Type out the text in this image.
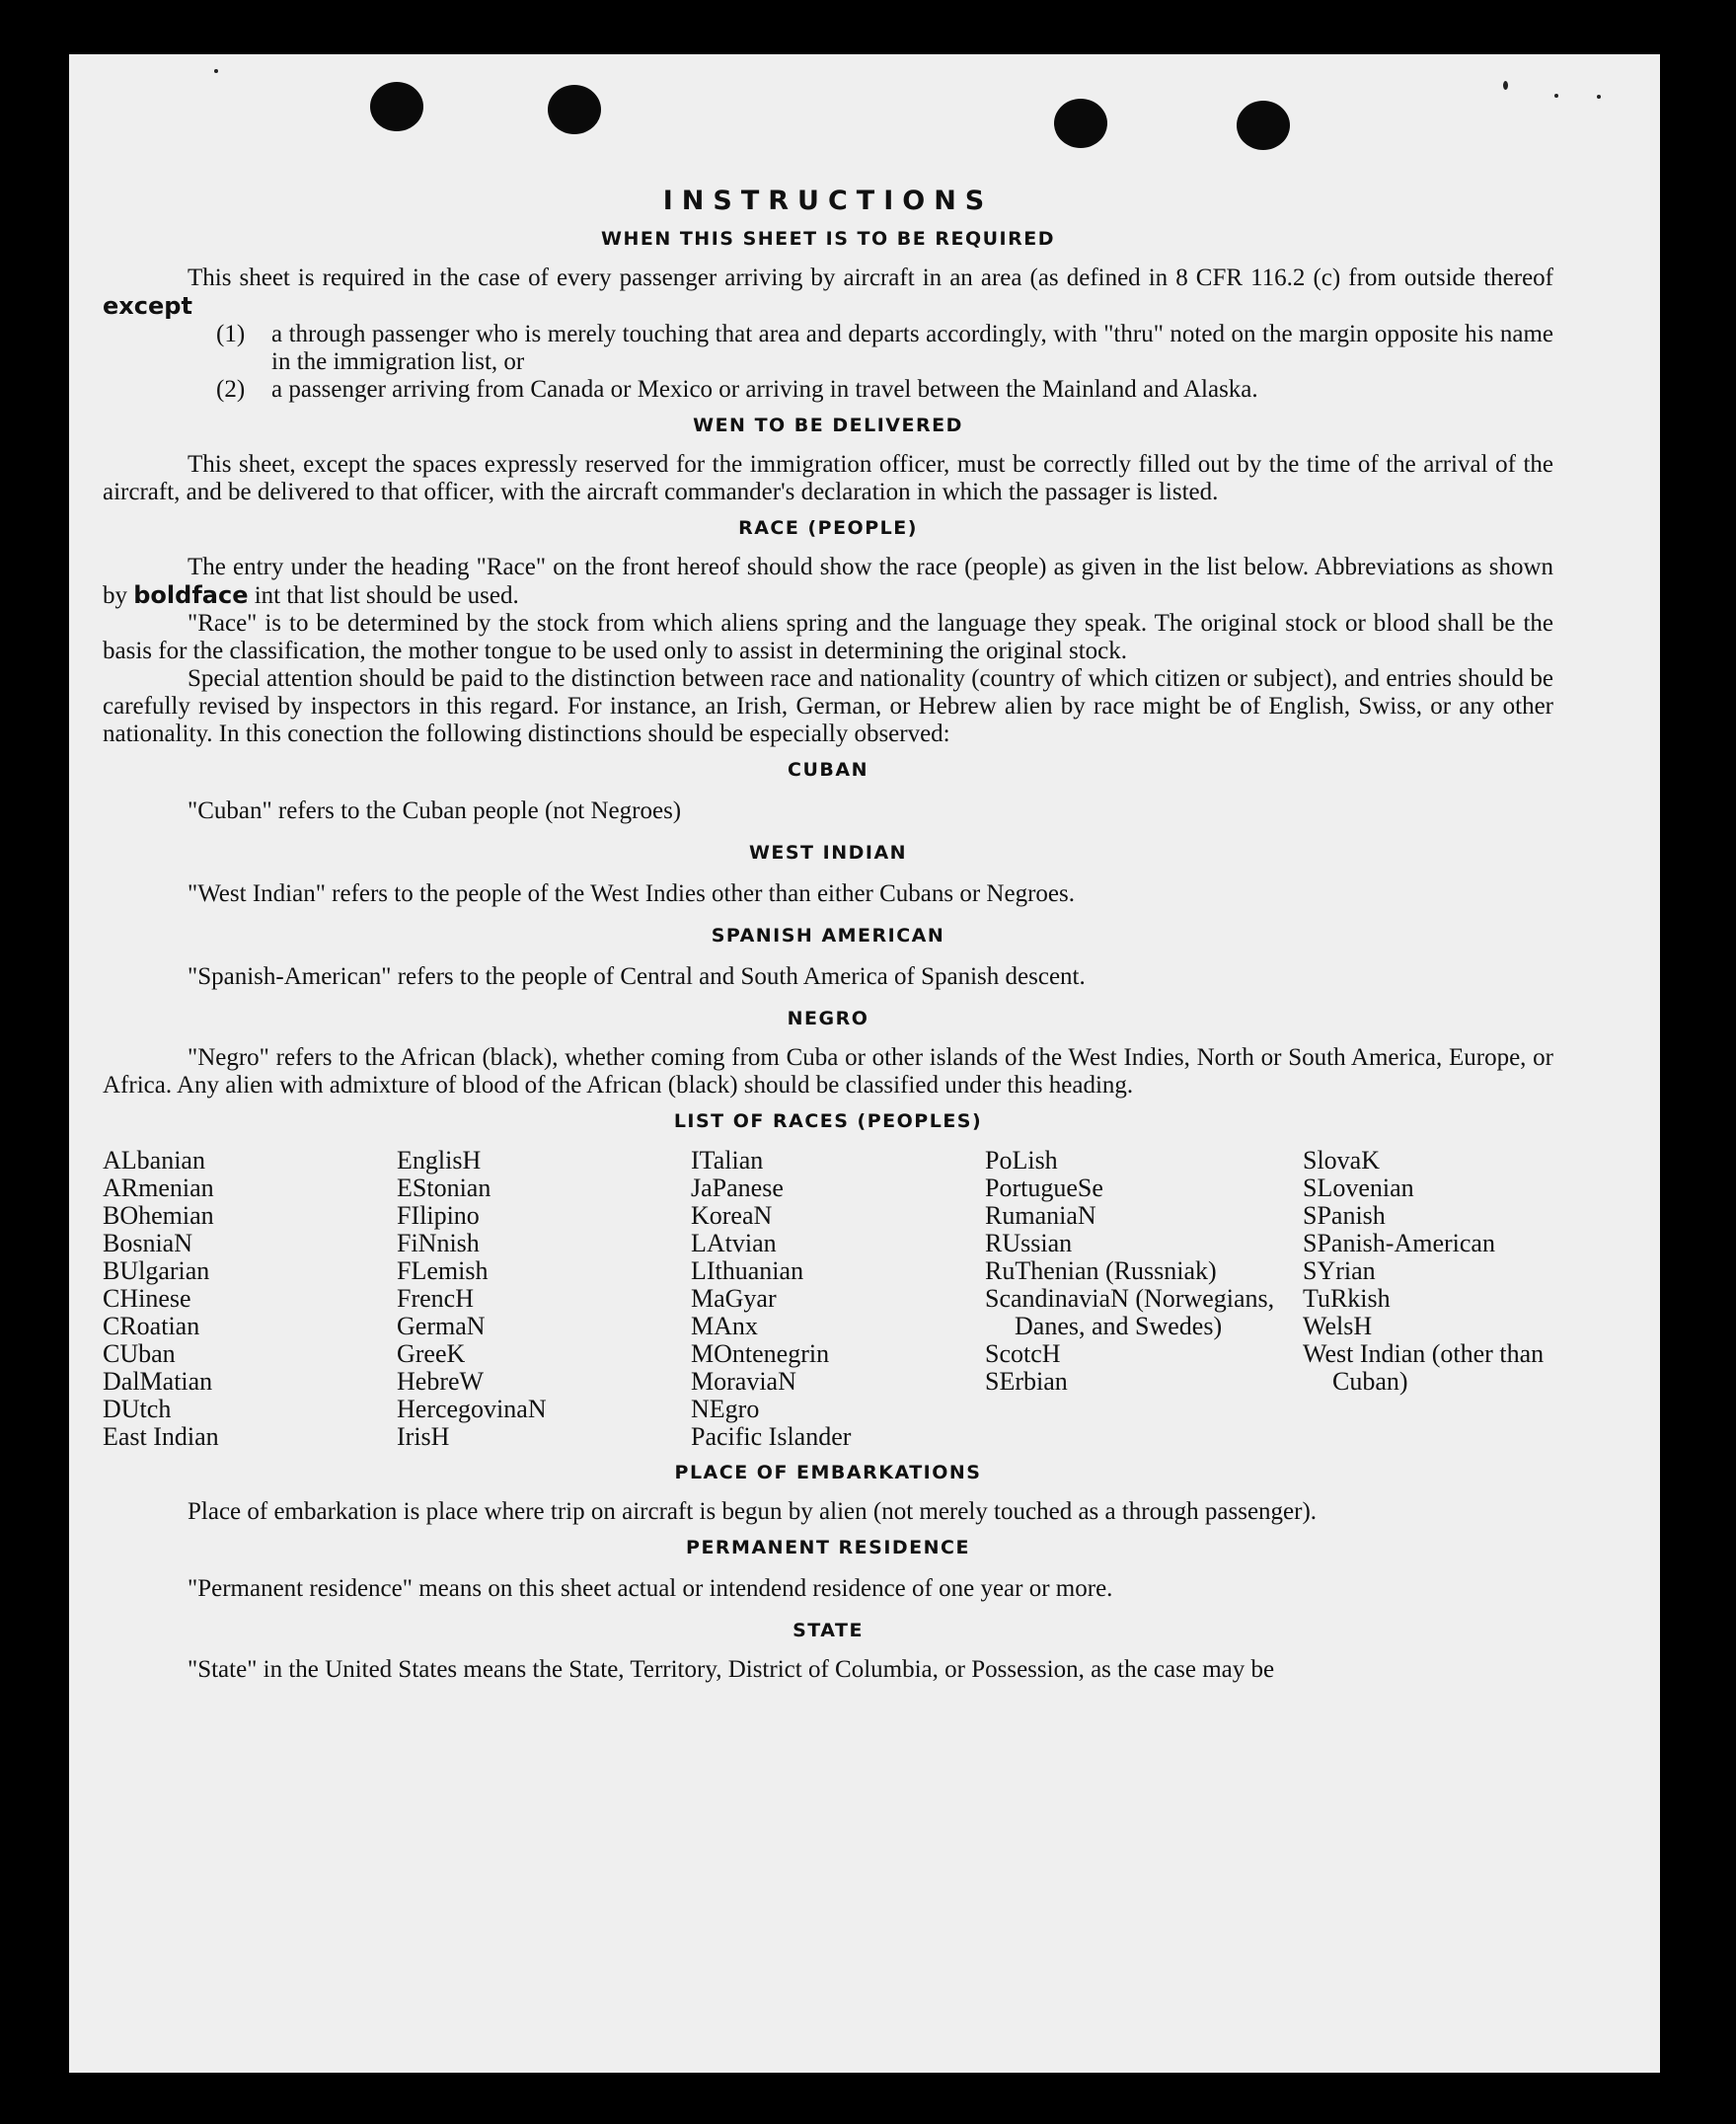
INSTRUCTIONS
WHEN THIS SHEET IS TO BE REQUIRED

This sheet is required in the case of every passenger arriving by aircraft in an area (as defined in 8 CFR 116.2 (c) from outside thereof except

(1)	a through passenger who is merely touching that area and departs accordingly, with "thru" noted on the margin opposite his name in the immigration list, or
(2)	a passenger arriving from Canada or Mexico or arriving in travel between the Mainland and Alaska.
WEN TO BE DELIVERED

This sheet, except the spaces expressly reserved for the immigration officer, must be correctly filled out by the time of the arrival of the aircraft, and be delivered to that officer, with the aircraft commander's declaration in which the passager is listed.

RACE (PEOPLE)

The entry under the heading "Race" on the front hereof should show the race (people) as given in the list below. Abbreviations as shown by boldface int that list should be used.

"Race" is to be determined by the stock from which aliens spring and the language they speak. The original stock or blood shall be the basis for the classification, the mother tongue to be used only to assist in determining the original stock.

Special attention should be paid to the distinction between race and nationality (country of which citizen or subject), and entries should be carefully revised by inspectors in this regard. For instance, an Irish, German, or Hebrew alien by race might be of English, Swiss, or any other nationality. In this conection the following distinctions should be especially observed:

CUBAN

"Cuban" refers to the Cuban people (not Negroes)

WEST INDIAN

"West Indian" refers to the people of the West Indies other than either Cubans or Negroes.

SPANISH AMERICAN

"Spanish-American" refers to the people of Central and South America of Spanish descent.

NEGRO

"Negro" refers to the African (black), whether coming from Cuba or other islands of the West Indies, North or South America, Europe, or Africa. Any alien with admixture of blood of the African (black) should be classified under this heading.

LIST OF RACES (PEOPLES)
ALbanian
ARmenian
BOhemian
BosniaN
BUlgarian
CHinese
CRoatian
CUban
DalMatian
DUtch
East Indian
EnglisH
EStonian
FIlipino
FiNnish
FLemish
FrencH
GermaN
GreeK
HebreW
HercegovinaN
IrisH
ITalian
JaPanese
KoreaN
LAtvian
LIthuanian
MaGyar
MAnx
MOntenegrin
MoraviaN
NEgro
Pacific Islander
PoLish
PortugueSe
RumaniaN
RUssian
RuThenian (Russniak)
ScandinaviaN (Norwegians, Danes, and Swedes)
ScotcH
SErbian
SlovaK
SLovenian
SPanish
SPanish-American
SYrian
TuRkish
WelsH
West Indian (other than Cuban)
PLACE OF EMBARKATIONS

Place of embarkation is place where trip on aircraft is begun by alien (not merely touched as a through passenger).

PERMANENT RESIDENCE

"Permanent residence" means on this sheet actual or intendend residence of one year or more.

STATE

"State" in the United States means the State, Territory, District of Columbia, or Possession, as the case may be
